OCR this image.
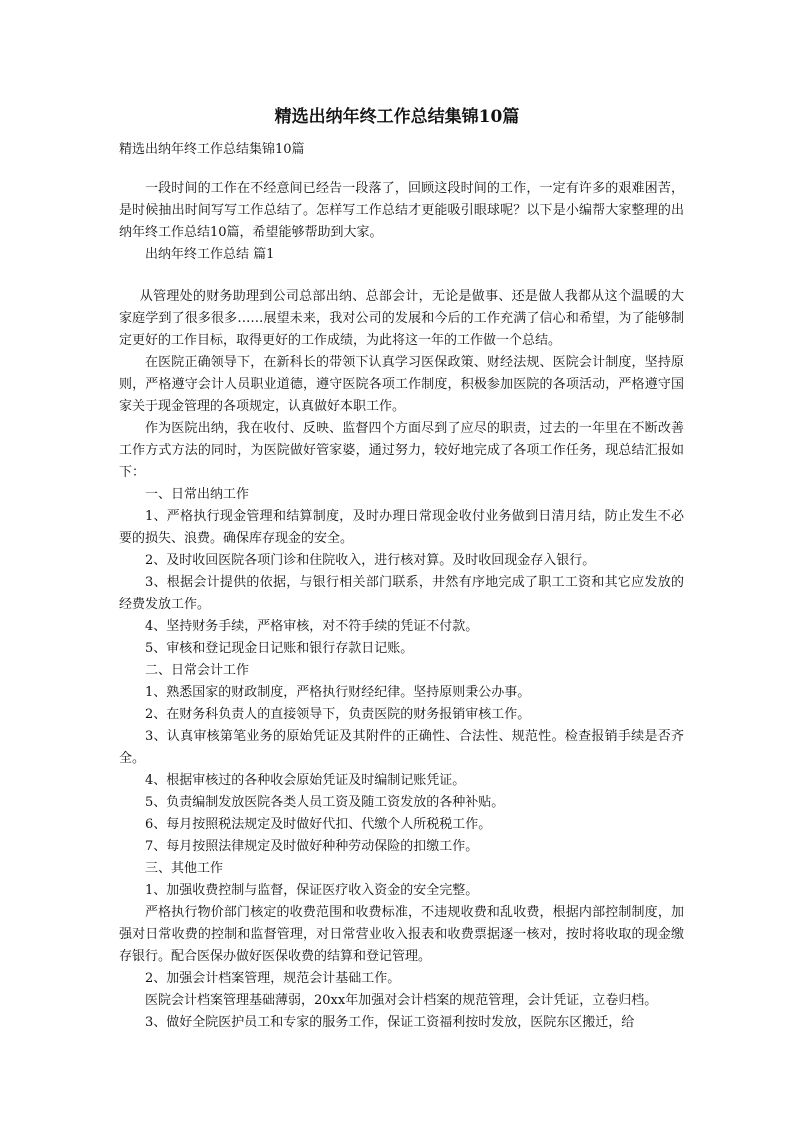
精选出纳年终工作总结集锦10篇

精选出纳年终工作总结集锦10篇

一段时间的工作在不经意间已经告一段落了，回顾这段时间的工作，一定有许多的艰难困苦，是时候抽出时间写写工作总结了。怎样写工作总结才更能吸引眼球呢？以下是小编帮大家整理的出纳年终工作总结10篇，希望能够帮助到大家。

出纳年终工作总结 篇1

从管理处的财务助理到公司总部出纳、总部会计，无论是做事、还是做人我都从这个温暖的大家庭学到了很多很多……展望未来，我对公司的发展和今后的工作充满了信心和希望，为了能够制定更好的工作目标，取得更好的工作成绩，为此将这一年的工作做一个总结。

在医院正确领导下，在新科长的带领下认真学习医保政策、财经法规、医院会计制度，坚持原则，严格遵守会计人员职业道德，遵守医院各项工作制度，积极参加医院的各项活动，严格遵守国家关于现金管理的各项规定，认真做好本职工作。

作为医院出纳，我在收付、反映、监督四个方面尽到了应尽的职责，过去的一年里在不断改善工作方式方法的同时，为医院做好管家婆，通过努力，较好地完成了各项工作任务，现总结汇报如下：

一、日常出纳工作

1、严格执行现金管理和结算制度，及时办理日常现金收付业务做到日清月结，防止发生不必要的损失、浪费。确保库存现金的安全。

2、及时收回医院各项门诊和住院收入，进行核对算。及时收回现金存入银行。

3、根据会计提供的依据，与银行相关部门联系，井然有序地完成了职工工资和其它应发放的经费发放工作。

4、坚持财务手续，严格审核，对不符手续的凭证不付款。

5、审核和登记现金日记账和银行存款日记账。

二、日常会计工作

1、熟悉国家的财政制度，严格执行财经纪律。坚持原则秉公办事。

2、在财务科负责人的直接领导下，负责医院的财务报销审核工作。

3、认真审核第笔业务的原始凭证及其附件的正确性、合法性、规范性。检查报销手续是否齐全。

4、根据审核过的各种收会原始凭证及时编制记账凭证。

5、负责编制发放医院各类人员工资及随工资发放的各种补贴。

6、每月按照税法规定及时做好代扣、代缴个人所税税工作。

7、每月按照法律规定及时做好种种劳动保险的扣缴工作。

三、其他工作

1、加强收费控制与监督，保证医疗收入资金的安全完整。

严格执行物价部门核定的收费范围和收费标准，不违规收费和乱收费，根据内部控制制度，加强对日常收费的控制和监督管理，对日常营业收入报表和收费票据逐一核对，按时将收取的现金缴存银行。配合医保办做好医保收费的结算和登记管理。

2、加强会计档案管理，规范会计基础工作。

医院会计档案管理基础薄弱，20xx年加强对会计档案的规范管理，会计凭证，立卷归档。

3、做好全院医护员工和专家的服务工作，保证工资福利按时发放，医院东区搬迁，给
